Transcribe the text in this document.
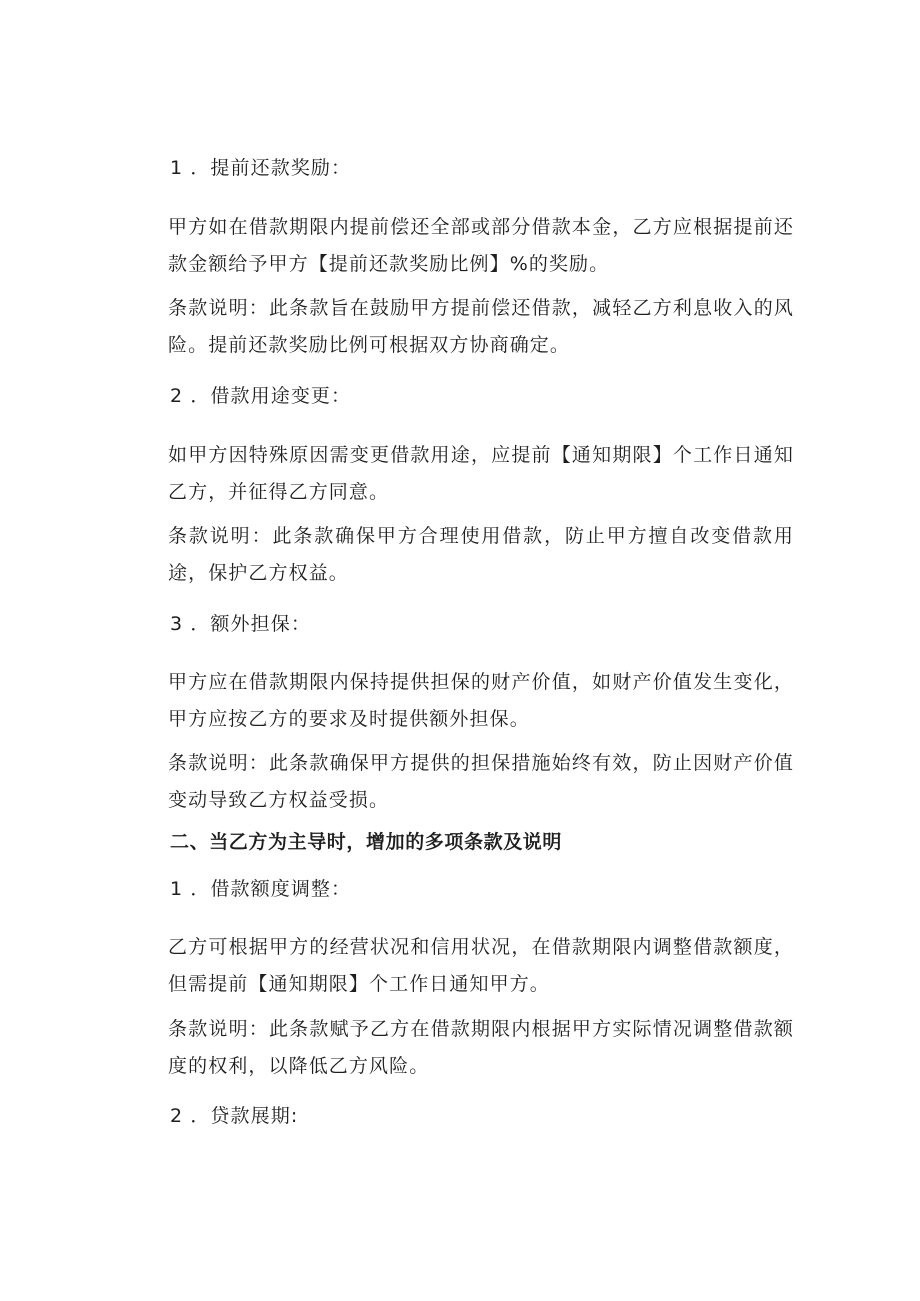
1 ．提前还款奖励：
甲方如在借款期限内提前偿还全部或部分借款本金，乙方应根据提前还款金额给予甲方【提前还款奖励比例】%的奖励。
条款说明：此条款旨在鼓励甲方提前偿还借款，减轻乙方利息收入的风险。提前还款奖励比例可根据双方协商确定。
2 ．借款用途变更：
如甲方因特殊原因需变更借款用途，应提前【通知期限】个工作日通知乙方，并征得乙方同意。
条款说明：此条款确保甲方合理使用借款，防止甲方擅自改变借款用途，保护乙方权益。
3 ．额外担保：
甲方应在借款期限内保持提供担保的财产价值，如财产价值发生变化，甲方应按乙方的要求及时提供额外担保。
条款说明：此条款确保甲方提供的担保措施始终有效，防止因财产价值变动导致乙方权益受损。
二、当乙方为主导时，增加的多项条款及说明
1 ．借款额度调整：
乙方可根据甲方的经营状况和信用状况，在借款期限内调整借款额度，但需提前【通知期限】个工作日通知甲方。
条款说明：此条款赋予乙方在借款期限内根据甲方实际情况调整借款额度的权利，以降低乙方风险。
2 ．贷款展期:
